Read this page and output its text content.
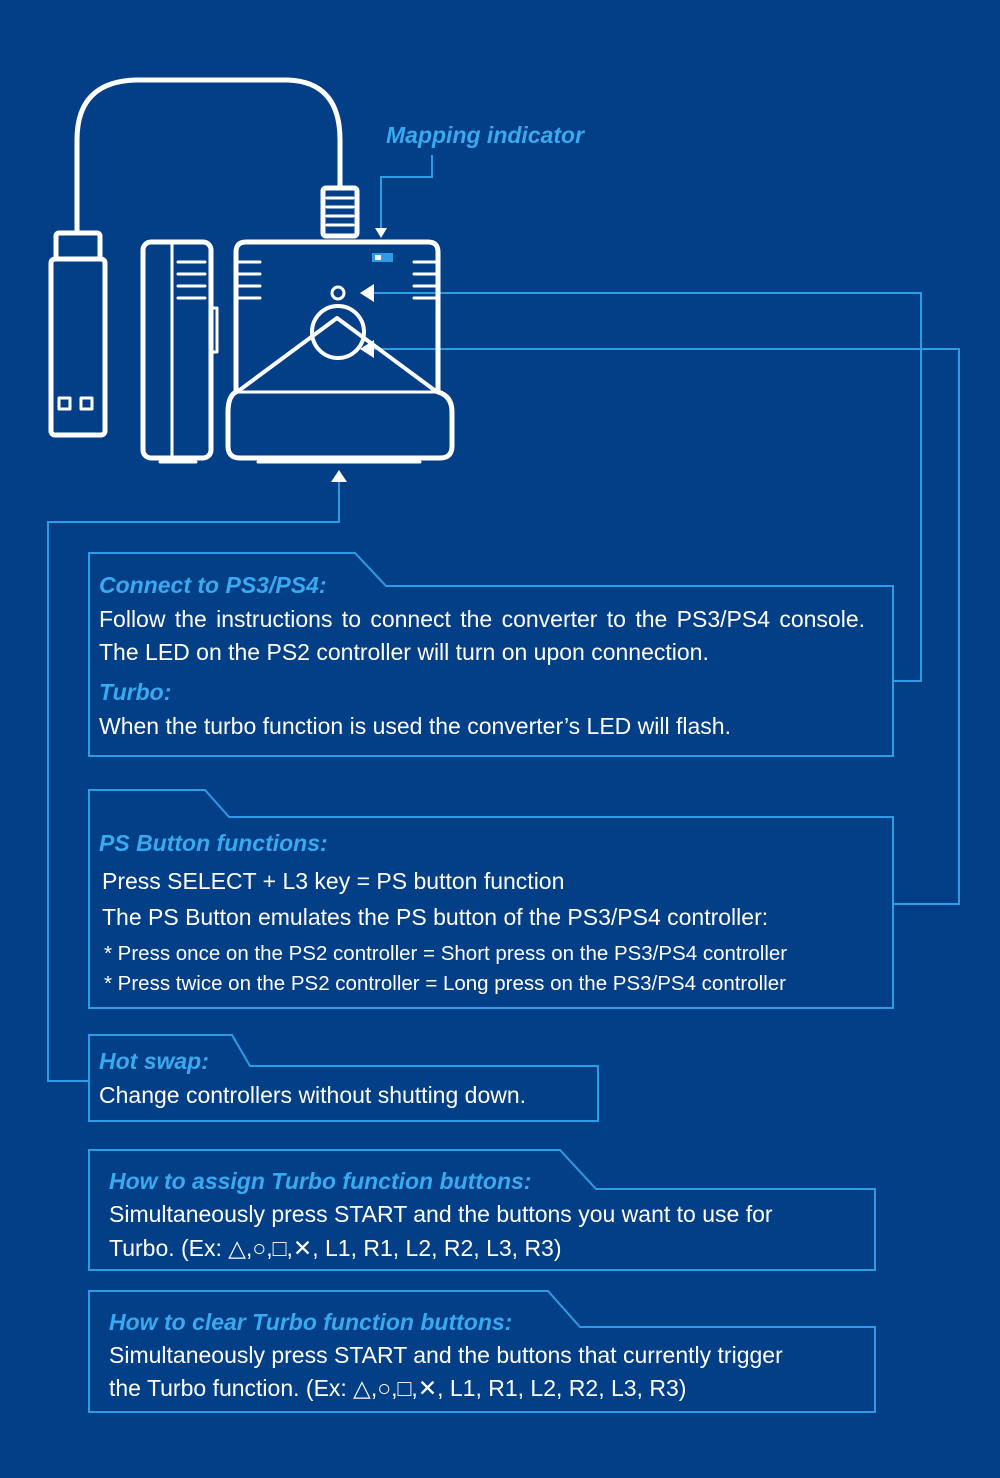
GAMEPAD	WHEEL
Mapping indicator
Connect to PS3/PS4:
Follow the instructions to connect the converter to the PS3/PS4 console. The LED on the PS2 controller will turn on upon connection.
Turbo:
When the turbo function is used the converter’s LED will flash.
PS Button functions:
Press SELECT + L3 key = PS button function
The PS Button emulates the PS button of the PS3/PS4 controller:
* Press once on the PS2 controller = Short press on the PS3/PS4 controller
* Press twice on the PS2 controller = Long press on the PS3/PS4 controller
Hot swap:
Change controllers without shutting down.
How to assign Turbo function buttons:
Simultaneously press START and the buttons you want to use for
Turbo. (Ex: △,○,□,✕, L1, R1, L2, R2, L3, R3)
How to clear Turbo function buttons:
Simultaneously press START and the buttons that currently trigger
the Turbo function. (Ex: △,○,□,✕, L1, R1, L2, R2, L3, R3)
